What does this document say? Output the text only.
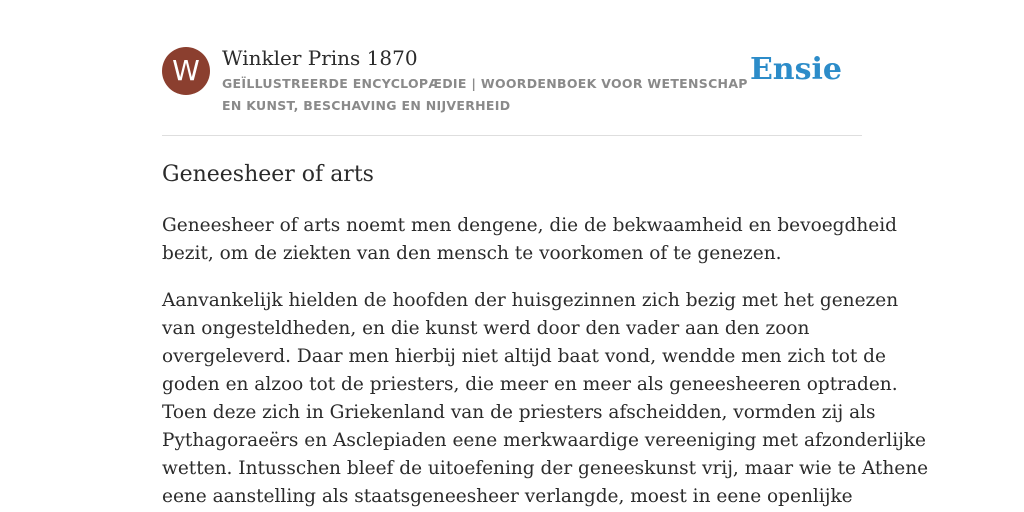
W	Winkler Prins 1870
GEÏLLUSTREERDE ENCYCLOPÆDIE | WOORDENBOEK VOOR WETENSCHAP EN KUNST, BESCHAVING EN NIJVERHEID
Ensie
Geneesheer of arts

Geneesheer of arts noemt men dengene, die de bekwaamheid en bevoegdheid
bezit, om de ziekten van den mensch te voorkomen of te genezen.

Aanvankelijk hielden de hoofden der huisgezinnen zich bezig met het genezen
van ongesteldheden, en die kunst werd door den vader aan den zoon
overgeleverd. Daar men hierbij niet altijd baat vond, wendde men zich tot de
goden en alzoo tot de priesters, die meer en meer als geneesheeren optraden.
Toen deze zich in Griekenland van de priesters afscheidden, vormden zij als
Pythagoraeërs en Asclepiaden eene merkwaardige vereeniging met afzonderlijke
wetten. Intusschen bleef de uitoefening der geneeskunst vrij, maar wie te Athene
eene aanstelling als staatsgeneesheer verlangde, moest in eene openlijke
